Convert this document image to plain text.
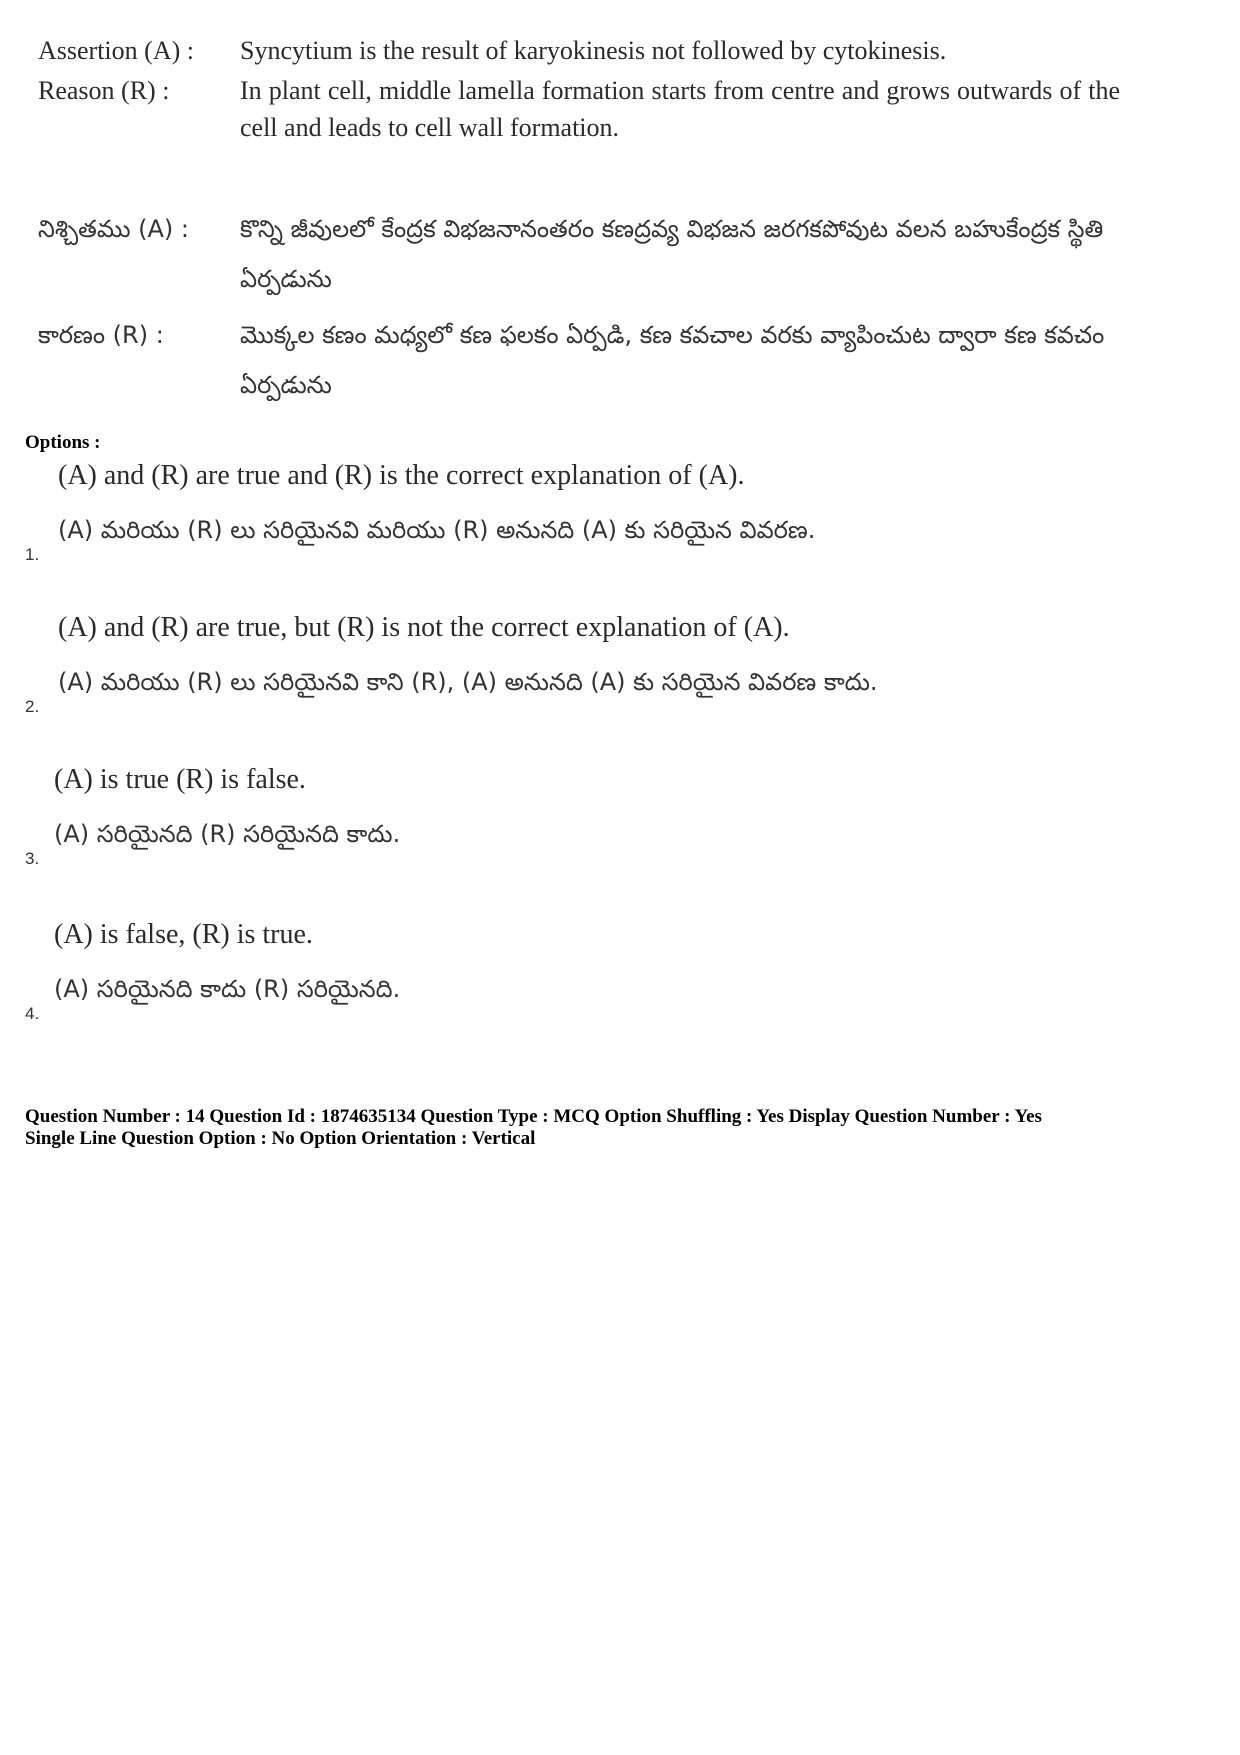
Assertion (A) :	Syncytium is the result of karyokinesis not followed by cytokinesis.
Reason (R) :	In plant cell, middle lamella formation starts from centre and grows outwards of the cell and leads to cell wall formation.
నిశ్చితము (A) :	కొన్ని జీవులలో కేంద్రక విభజనానంతరం కణద్రవ్య విభజన జరగకపోవుట వలన బహుకేంద్రక స్థితి ఏర్పడును
కారణం (R) :	మొక్కల కణం మధ్యలో కణ ఫలకం ఏర్పడి, కణ కవచాల వరకు వ్యాపించుట ద్వారా కణ కవచం ఏర్పడును
Options :
(A) and (R) are true and (R) is the correct explanation of (A).
(A) మరియు (R) లు సరియైనవి మరియు (R) అనునది (A) కు సరియైన వివరణ.
1.
(A) and (R) are true, but (R) is not the correct explanation of (A).
(A) మరియు (R) లు సరియైనవి కాని (R), (A) అనునది (A) కు సరియైన వివరణ కాదు.
2.
(A) is true (R) is false.
(A) సరియైనది (R) సరియైనది కాదు.
3.
(A) is false, (R) is true.
(A) సరియైనది కాదు (R) సరియైనది.
4.
Question Number : 14 Question Id : 1874635134 Question Type : MCQ Option Shuffling : Yes Display Question Number : Yes
Single Line Question Option : No Option Orientation : Vertical
